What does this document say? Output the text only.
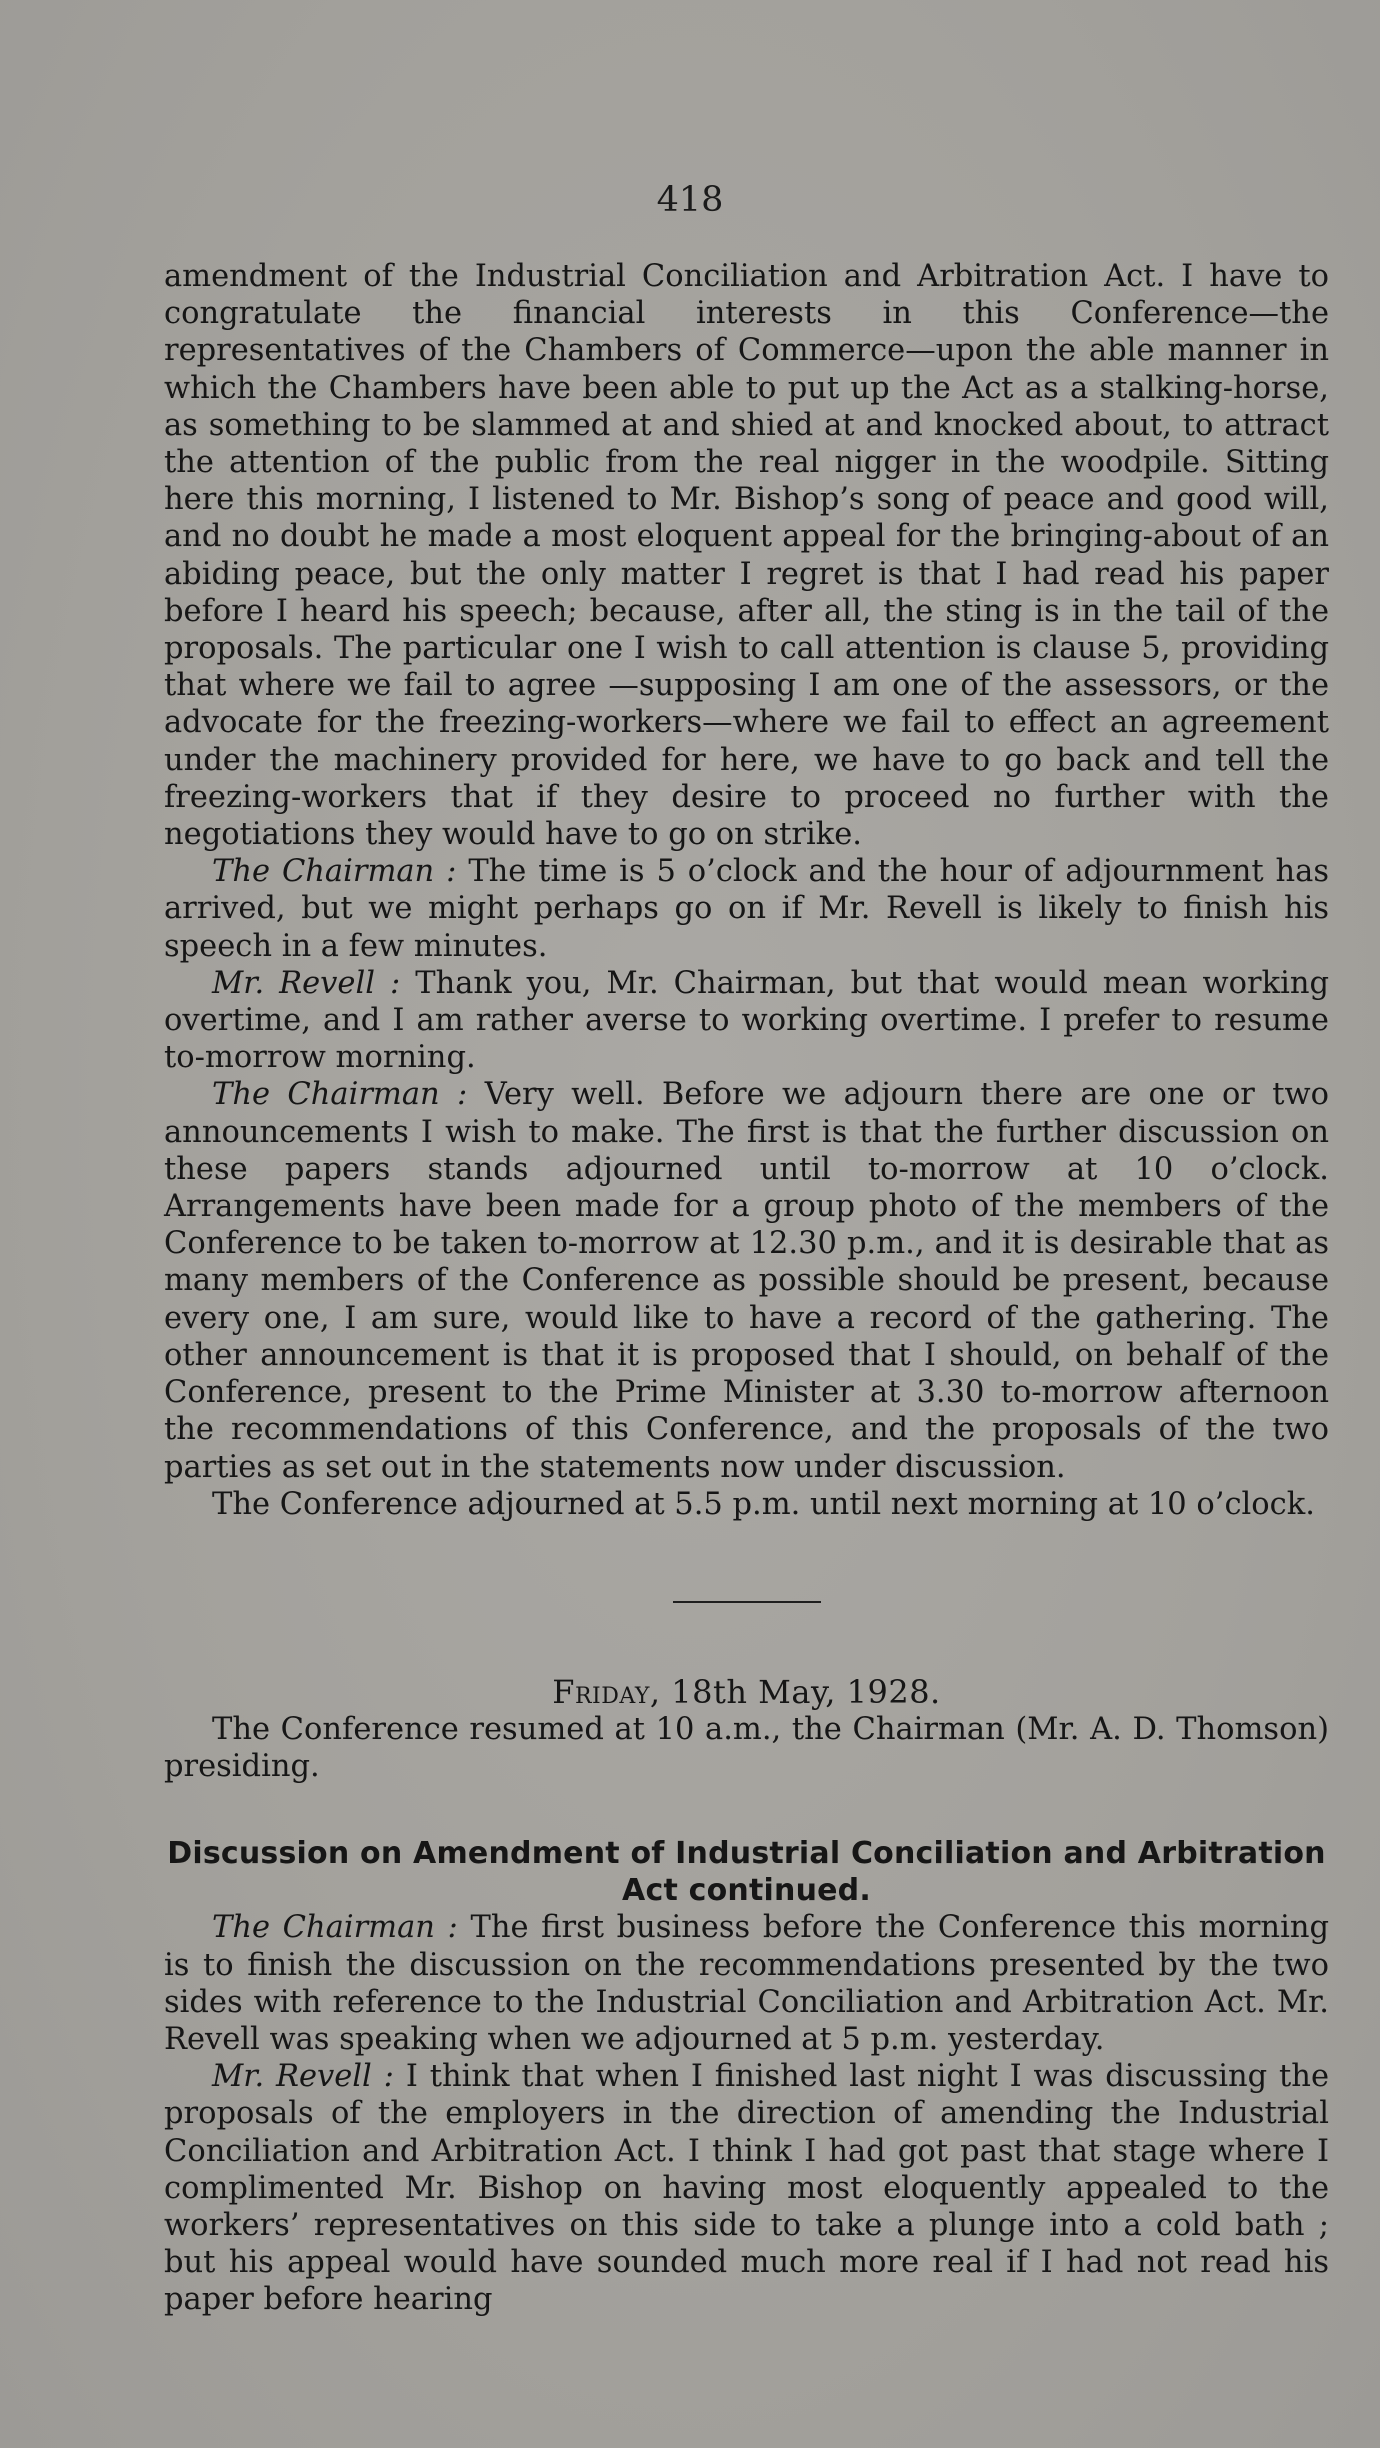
418

amendment of the Industrial Conciliation and Arbitration Act. I have to congratulate the financial interests in this Conference—the representatives of the Chambers of Commerce—upon the able manner in which the Chambers have been able to put up the Act as a stalking-horse, as something to be slammed at and shied at and knocked about, to attract the attention of the public from the real nigger in the woodpile. Sitting here this morning, I listened to Mr. Bishop’s song of peace and good will, and no doubt he made a most eloquent appeal for the bringing-about of an abiding peace, but the only matter I regret is that I had read his paper before I heard his speech; because, after all, the sting is in the tail of the proposals. The particular one I wish to call attention is clause 5, providing that where we fail to agree —supposing I am one of the assessors, or the advocate for the freezing-workers—where we fail to effect an agreement under the machinery provided for here, we have to go back and tell the freezing-workers that if they desire to proceed no further with the negotiations they would have to go on strike.

The Chairman : The time is 5 o’clock and the hour of adjournment has arrived, but we might perhaps go on if Mr. Revell is likely to finish his speech in a few minutes.

Mr. Revell : Thank you, Mr. Chairman, but that would mean working overtime, and I am rather averse to working overtime. I prefer to resume to-morrow morning.

The Chairman : Very well. Before we adjourn there are one or two announcements I wish to make. The first is that the further discussion on these papers stands adjourned until to-morrow at 10 o’clock. Arrangements have been made for a group photo of the members of the Conference to be taken to-morrow at 12.30 p.m., and it is desirable that as many members of the Conference as possible should be present, because every one, I am sure, would like to have a record of the gathering. The other announcement is that it is proposed that I should, on behalf of the Conference, present to the Prime Minister at 3.30 to-morrow afternoon the recommendations of this Conference, and the proposals of the two parties as set out in the statements now under discussion.

The Conference adjourned at 5.5 p.m. until next morning at 10 o’clock.

Friday, 18th May, 1928.

The Conference resumed at 10 a.m., the Chairman (Mr. A. D. Thomson) presiding.

Discussion on Amendment of Industrial Conciliation and Arbitration
Act continued.

The Chairman : The first business before the Conference this morning is to finish the discussion on the recommendations presented by the two sides with reference to the Industrial Conciliation and Arbitration Act. Mr. Revell was speaking when we adjourned at 5 p.m. yesterday.

Mr. Revell : I think that when I finished last night I was discussing the proposals of the employers in the direction of amending the Industrial Conciliation and Arbitration Act. I think I had got past that stage where I complimented Mr. Bishop on having most eloquently appealed to the workers’ representatives on this side to take a plunge into a cold bath ; but his appeal would have sounded much more real if I had not read his paper before hearing
